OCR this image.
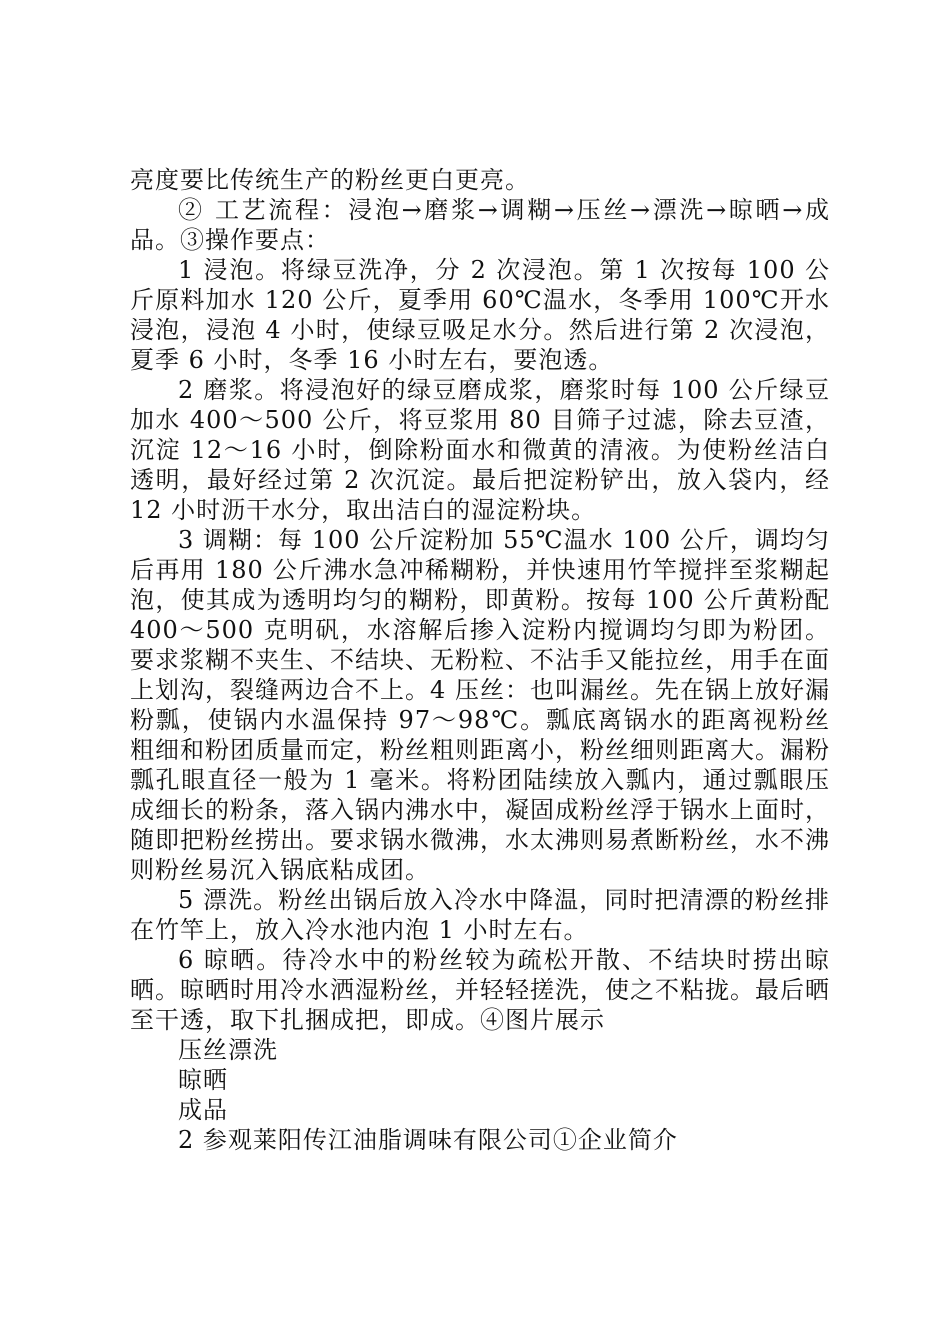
亮度要比传统生产的粉丝更白更亮。

② 工艺流程：浸泡→磨浆→调糊→压丝→漂洗→晾晒→成品。③操作要点：

1 浸泡。将绿豆洗净，分 2 次浸泡。第 1 次按每 100 公斤原料加水 120 公斤，夏季用 60℃温水，冬季用 100℃开水浸泡，浸泡 4 小时，使绿豆吸足水分。然后进行第 2 次浸泡，夏季 6 小时，冬季 16 小时左右，要泡透。

2 磨浆。将浸泡好的绿豆磨成浆，磨浆时每 100 公斤绿豆加水 400～500 公斤，将豆浆用 80 目筛子过滤，除去豆渣，沉淀 12～16 小时，倒除粉面水和微黄的清液。为使粉丝洁白透明，最好经过第 2 次沉淀。最后把淀粉铲出，放入袋内，经 12 小时沥干水分，取出洁白的湿淀粉块。

3 调糊：每 100 公斤淀粉加 55℃温水 100 公斤，调均匀后再用 180 公斤沸水急冲稀糊粉，并快速用竹竿搅拌至浆糊起泡，使其成为透明均匀的糊粉，即黄粉。按每 100 公斤黄粉配 400～500 克明矾，水溶解后掺入淀粉内搅调均匀即为粉团。要求浆糊不夹生、不结块、无粉粒、不沾手又能拉丝，用手在面上划沟，裂缝两边合不上。4 压丝：也叫漏丝。先在锅上放好漏粉瓢，使锅内水温保持 97～98℃。瓢底离锅水的距离视粉丝粗细和粉团质量而定，粉丝粗则距离小，粉丝细则距离大。漏粉瓢孔眼直径一般为 1 毫米。将粉团陆续放入瓢内，通过瓢眼压成细长的粉条，落入锅内沸水中，凝固成粉丝浮于锅水上面时，随即把粉丝捞出。要求锅水微沸，水太沸则易煮断粉丝，水不沸则粉丝易沉入锅底粘成团。

5 漂洗。粉丝出锅后放入冷水中降温，同时把清漂的粉丝排在竹竿上，放入冷水池内泡 1 小时左右。

6 晾晒。待冷水中的粉丝较为疏松开散、不结块时捞出晾晒。晾晒时用冷水洒湿粉丝，并轻轻搓洗，使之不粘拢。最后晒至干透，取下扎捆成把，即成。④图片展示

压丝漂洗

晾晒

成品

2 参观莱阳传江油脂调味有限公司①企业简介
